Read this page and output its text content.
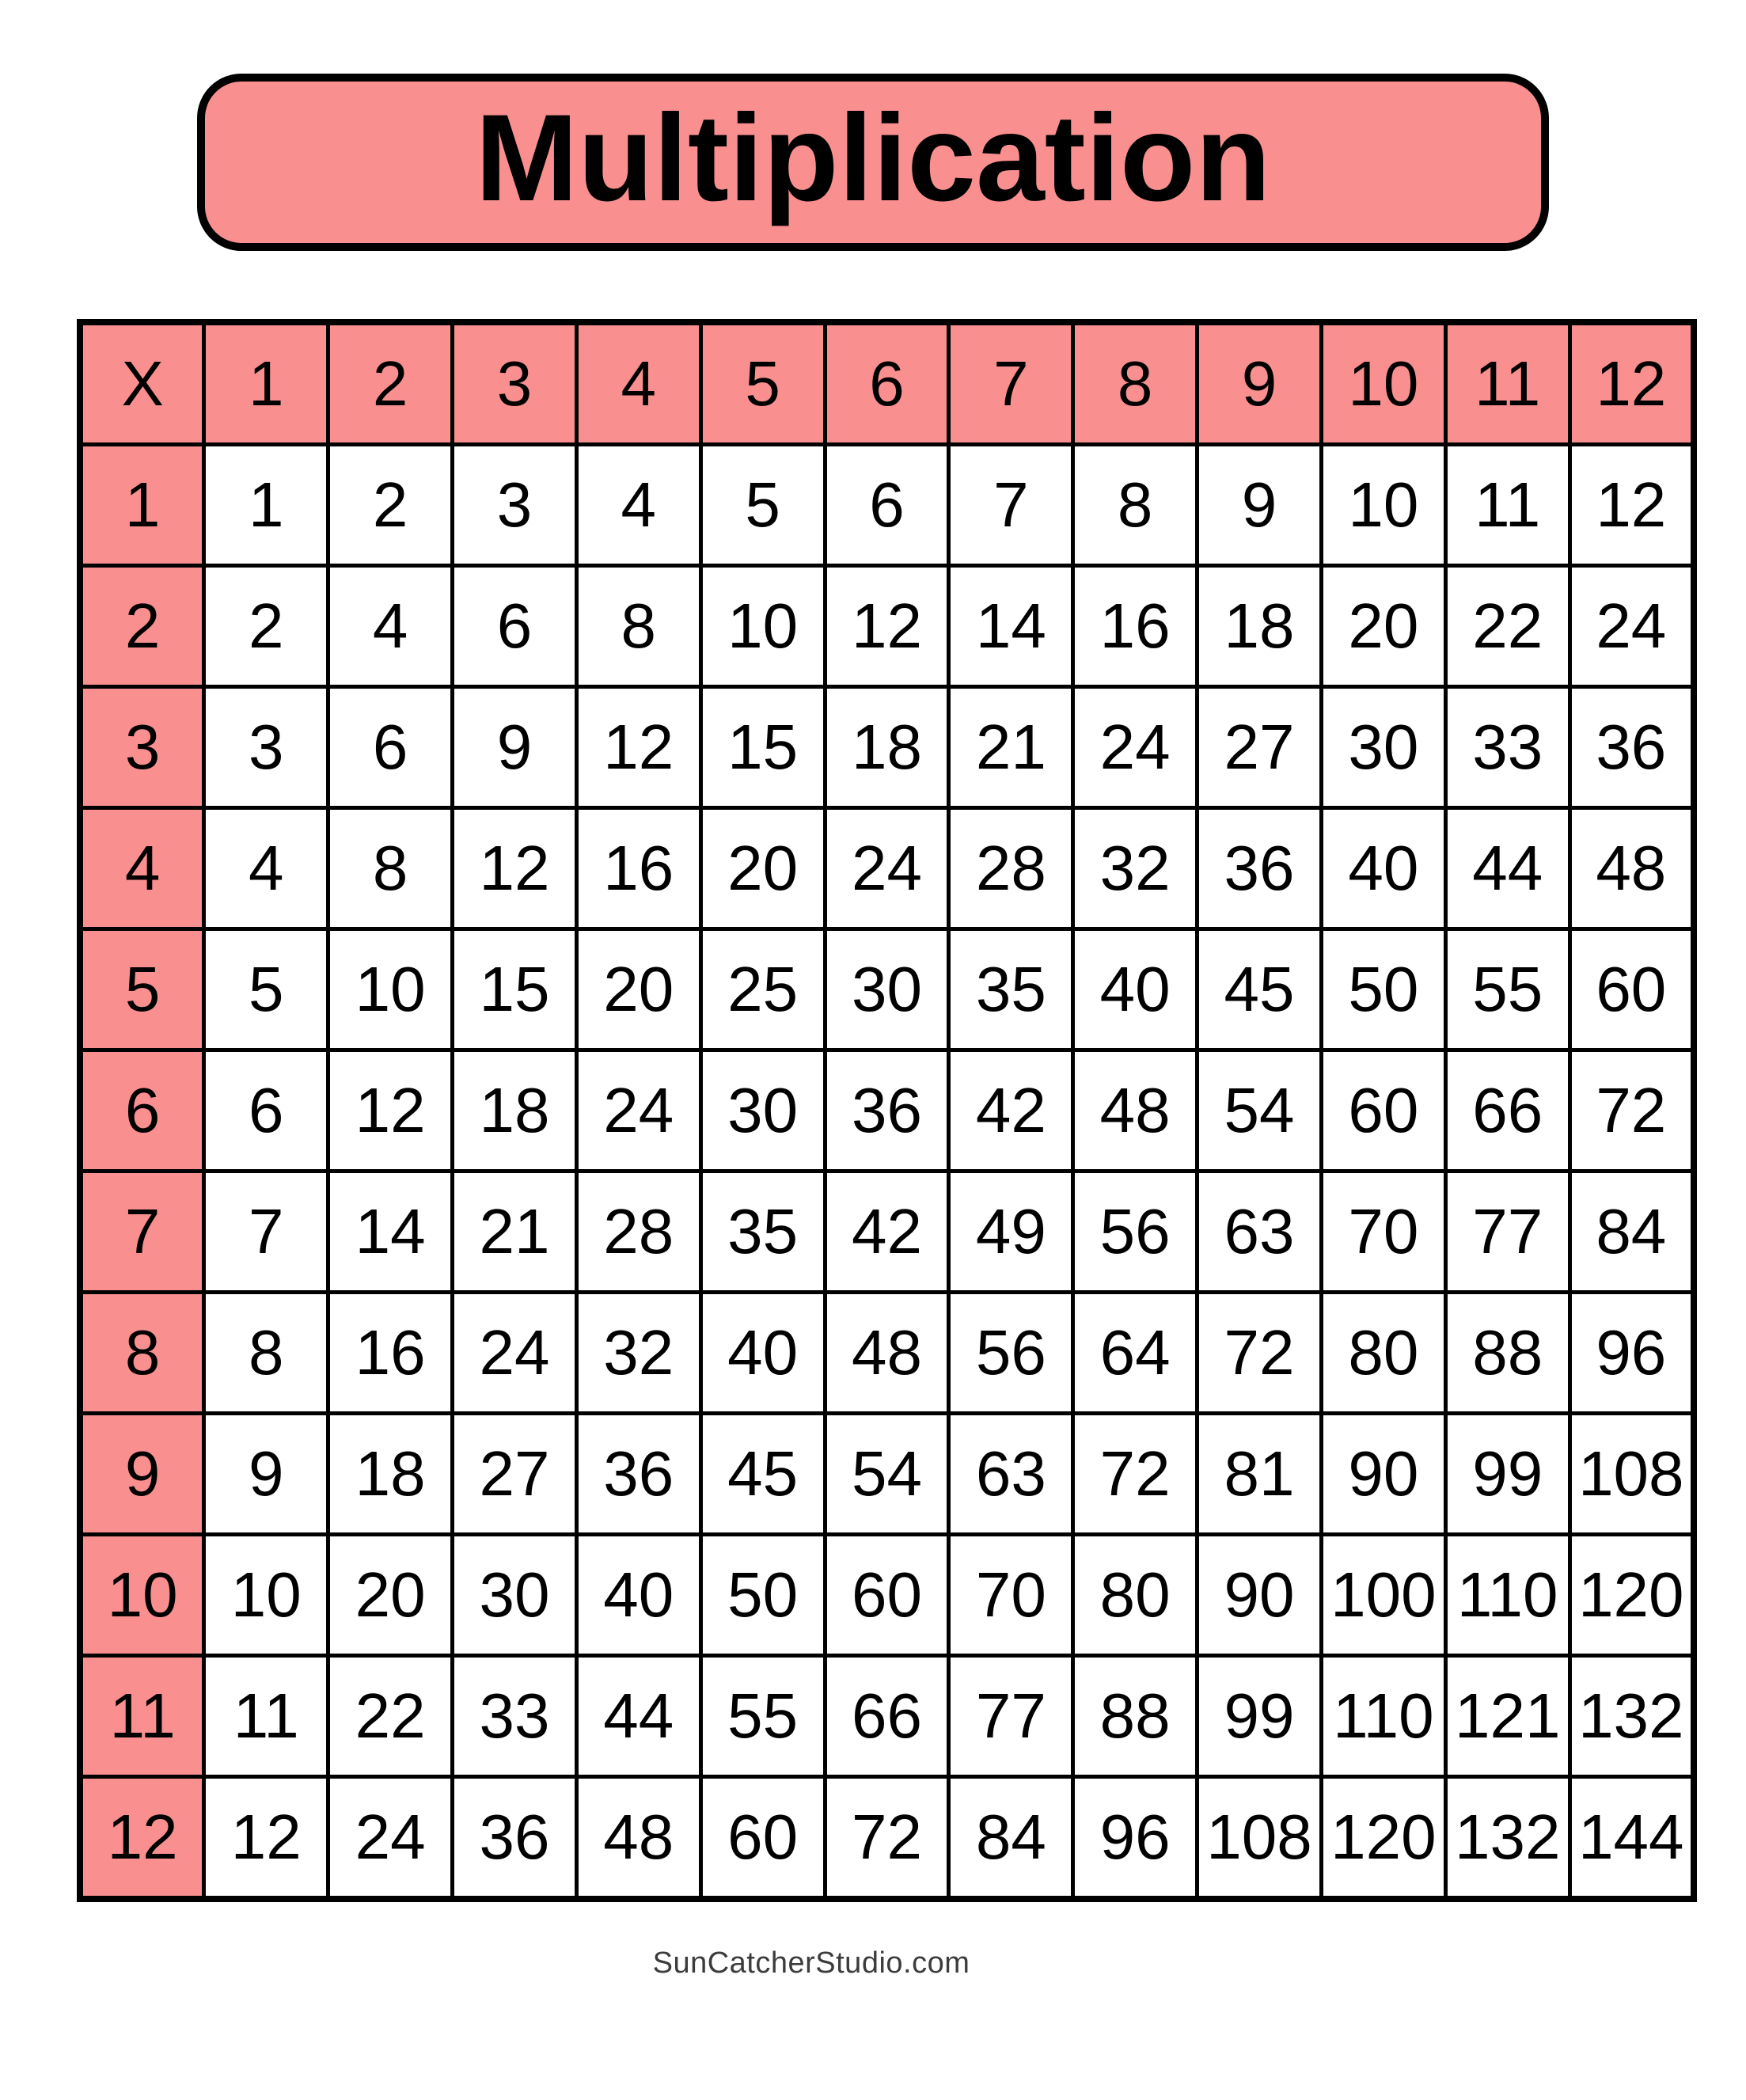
Multiplication
X	1	2	3	4	5	6	7	8	9	10	11	12
1	1	2	3	4	5	6	7	8	9	10	11	12
2	2	4	6	8	10	12	14	16	18	20	22	24
3	3	6	9	12	15	18	21	24	27	30	33	36
4	4	8	12	16	20	24	28	32	36	40	44	48
5	5	10	15	20	25	30	35	40	45	50	55	60
6	6	12	18	24	30	36	42	48	54	60	66	72
7	7	14	21	28	35	42	49	56	63	70	77	84
8	8	16	24	32	40	48	56	64	72	80	88	96
9	9	18	27	36	45	54	63	72	81	90	99	108
10	10	20	30	40	50	60	70	80	90	100	110	120
11	11	22	33	44	55	66	77	88	99	110	121	132
12	12	24	36	48	60	72	84	96	108	120	132	144
SunCatcherStudio.com
